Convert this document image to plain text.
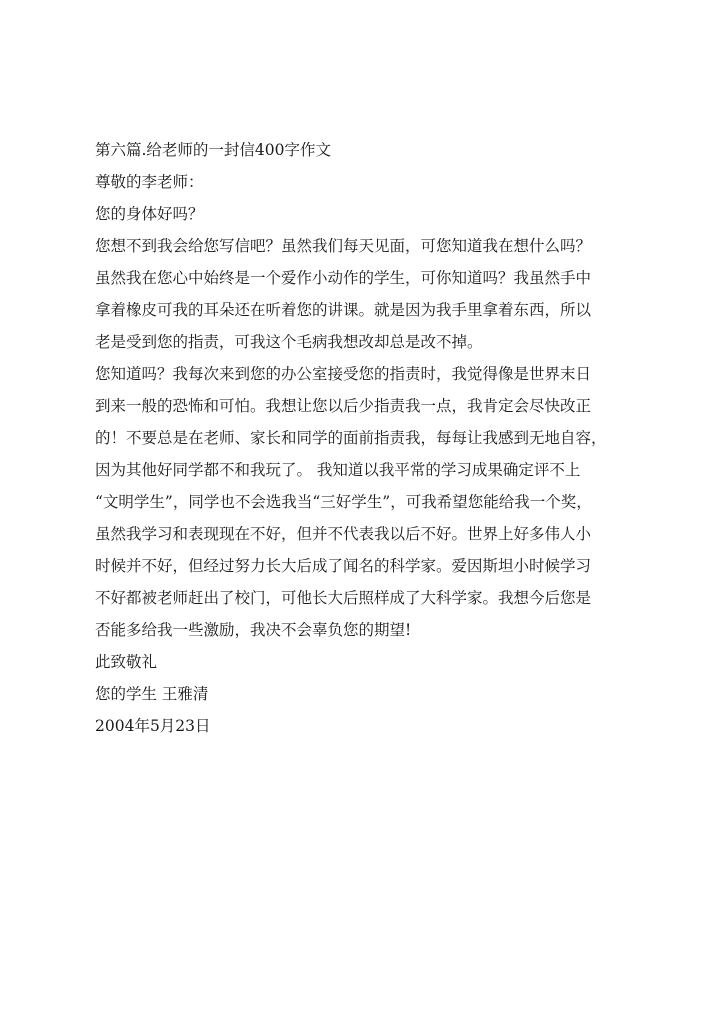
第六篇.给老师的一封信400字作文
尊敬的李老师：
您的身体好吗？
您想不到我会给您写信吧？虽然我们每天见面，可您知道我在想什么吗？
虽然我在您心中始终是一个爱作小动作的学生，可你知道吗？我虽然手中
拿着橡皮可我的耳朵还在听着您的讲课。就是因为我手里拿着东西，所以
老是受到您的指责，可我这个毛病我想改却总是改不掉。
您知道吗？我每次来到您的办公室接受您的指责时，我觉得像是世界末日
到来一般的恐怖和可怕。我想让您以后少指责我一点，我肯定会尽快改正
的！不要总是在老师、家长和同学的面前指责我，每每让我感到无地自容，
因为其他好同学都不和我玩了。 我知道以我平常的学习成果确定评不上
“文明学生”，同学也不会选我当“三好学生”，可我希望您能给我一个奖，
虽然我学习和表现现在不好，但并不代表我以后不好。世界上好多伟人小
时候并不好，但经过努力长大后成了闻名的科学家。爱因斯坦小时候学习
不好都被老师赶出了校门，可他长大后照样成了大科学家。我想今后您是
否能多给我一些激励，我决不会辜负您的期望!
此致敬礼
您的学生 王雅清
2004年5月23日
